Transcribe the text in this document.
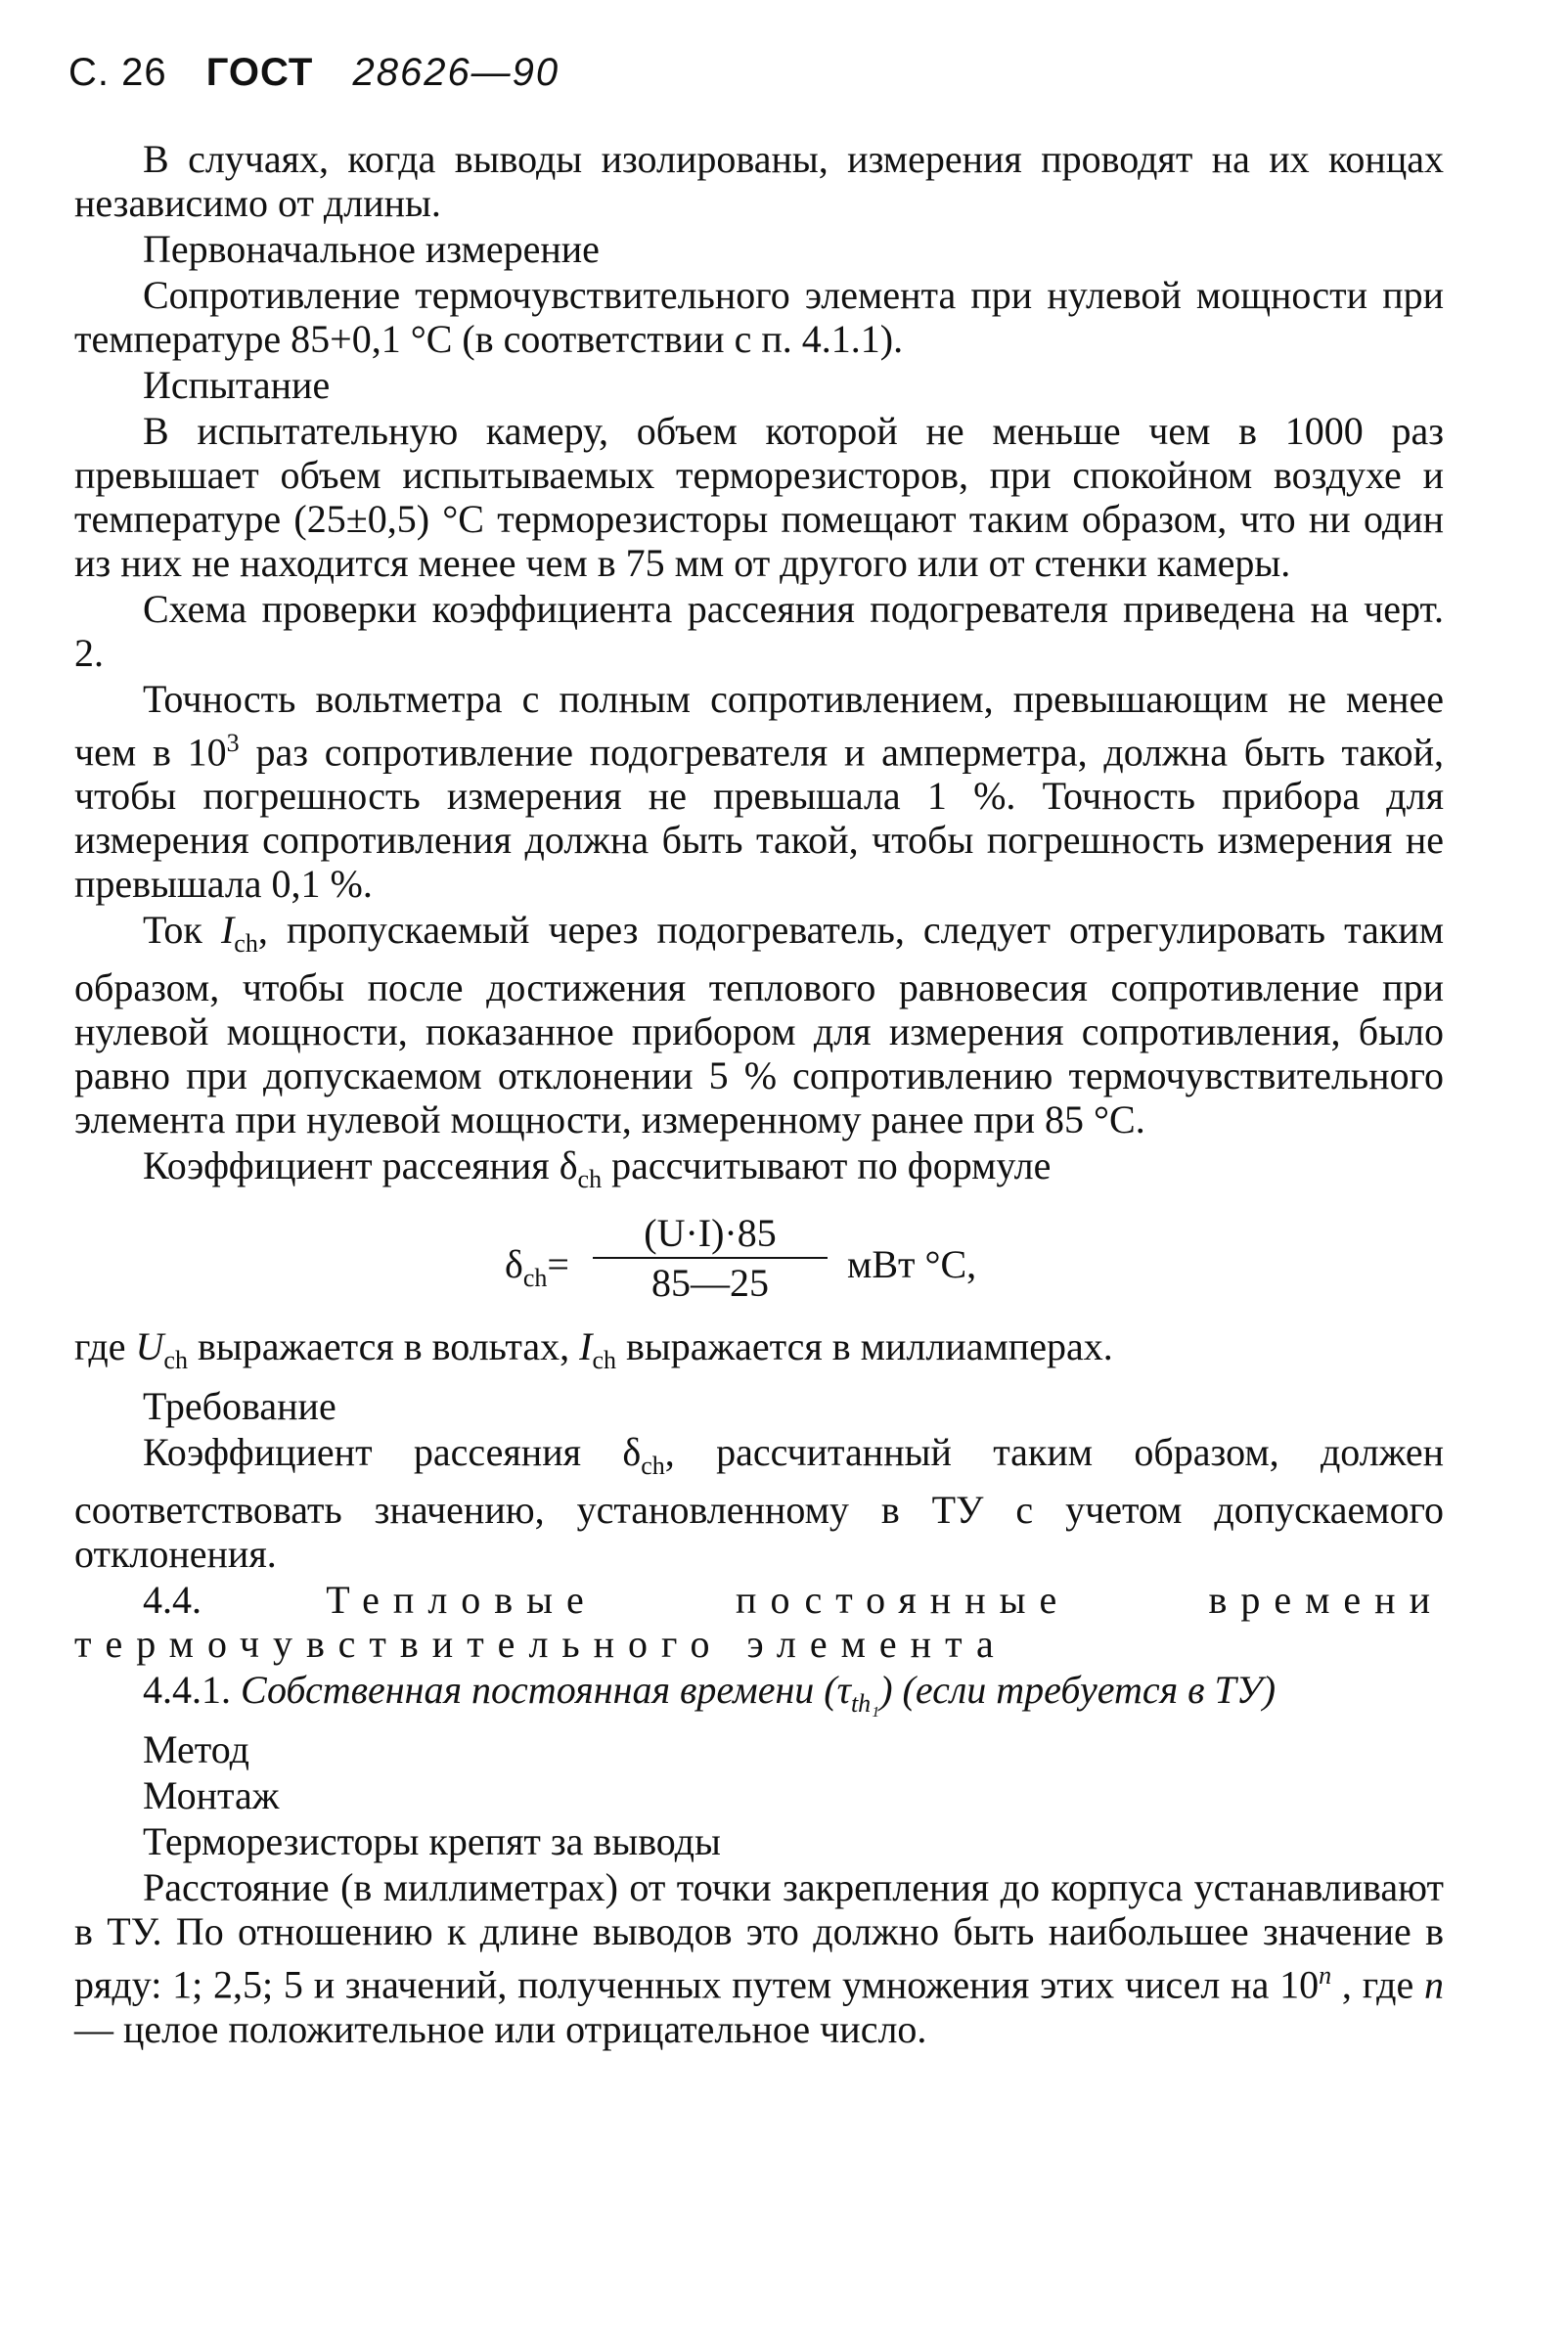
С. 26 ГОСТ 28626—90

В случаях, когда выводы изолированы, измерения проводят на их концах независимо от длины.

Первоначальное измерение

Сопротивление термочувствительного элемента при нулевой мощности при температуре 85+0,1 °С (в соответствии с п. 4.1.1).

Испытание

В испытательную камеру, объем которой не меньше чем в 1000 раз превышает объем испытываемых терморезисторов, при спокойном воздухе и температуре (25±0,5) °С терморезисторы помещают таким образом, что ни один из них не находится менее чем в 75 мм от другого или от стенки камеры.

Схема проверки коэффициента рассеяния подогревателя приведена на черт. 2.

Точность вольтметра с полным сопротивлением, превышающим не менее чем в $10^3$ раз сопротивление подогревателя и амперметра, должна быть такой, чтобы погрешность измерения не превышала 1 %. Точность прибора для измерения сопротивления должна быть такой, чтобы погрешность измерения не превышала 0,1 %.

Ток $I_{ch}$, пропускаемый через подогреватель, следует отрегулировать таким образом, чтобы после достижения теплового равновесия сопротивление при нулевой мощности, показанное прибором для измерения сопротивления, было равно при допускаемом отклонении 5 % сопротивлению термочувствительного элемента при нулевой мощности, измеренному ранее при 85 °С.

Коэффициент рассеяния $\delta_{ch}$ рассчитывают по формуле

$\delta_{ch}= \frac{(U\cdot I)\cdot 85}{85—25}$ мВт °С,

где $U_{ch}$ выражается в вольтах, $I_{ch}$ выражается в миллиамперах.

Требование

Коэффициент рассеяния $\delta_{ch}$, рассчитанный таким образом, должен соответствовать значению, установленному в ТУ с учетом допускаемого отклонения.

4.4.	Тепловые постоянные времени термочувствительного элемента

4.4.1. Собственная постоянная времени $(\tau_{th_1})$ (если требуется в ТУ)

Метод

Монтаж

Терморезисторы крепят за выводы

Расстояние (в миллиметрах) от точки закрепления до корпуса устанавливают в ТУ. По отношению к длине выводов это должно быть наибольшее значение в ряду: 1; 2,5; 5 и значений, полученных путем умножения этих чисел на 10$^n$ , где n — целое положительное или отрицательное число.
